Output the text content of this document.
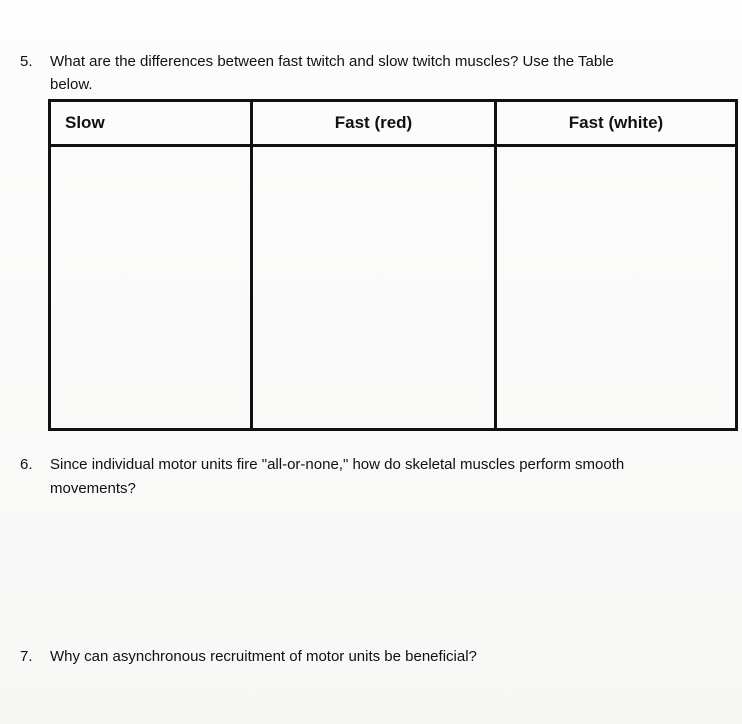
5. What are the differences between fast twitch and slow twitch muscles? Use the Table
below.
Slow	Fast (red)	Fast (white)
6. Since individual motor units fire "all-or-none," how do skeletal muscles perform smooth
movements?
7. Why can asynchronous recruitment of motor units be beneficial?
